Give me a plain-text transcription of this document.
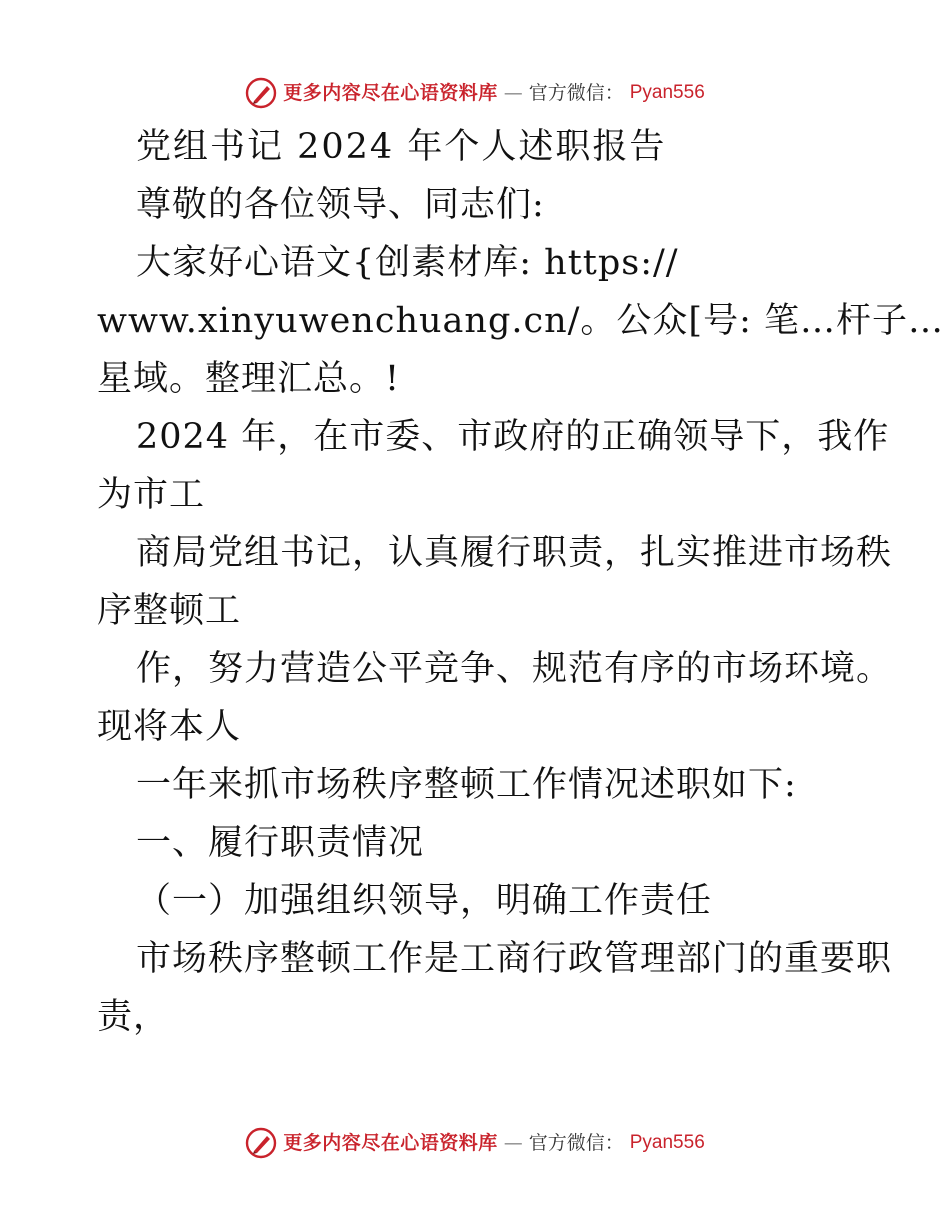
更多内容尽在心语资料库 — 官方微信： Pyan556
党组书记 2024 年个人述职报告
尊敬的各位领导、同志们:
大家好心语文{创素材库: https://
www.xinyuwenchuang.cn/。公众[号: 笔…杆子…
星域。整理汇总。!
2024 年，在市委、市政府的正确领导下，我作
为市工
商局党组书记，认真履行职责，扎实推进市场秩
序整顿工
作，努力营造公平竞争、规范有序的市场环境。
现将本人
一年来抓市场秩序整顿工作情况述职如下:
一、履行职责情况
（一）加强组织领导，明确工作责任
市场秩序整顿工作是工商行政管理部门的重要职
责，
更多内容尽在心语资料库 — 官方微信： Pyan556
